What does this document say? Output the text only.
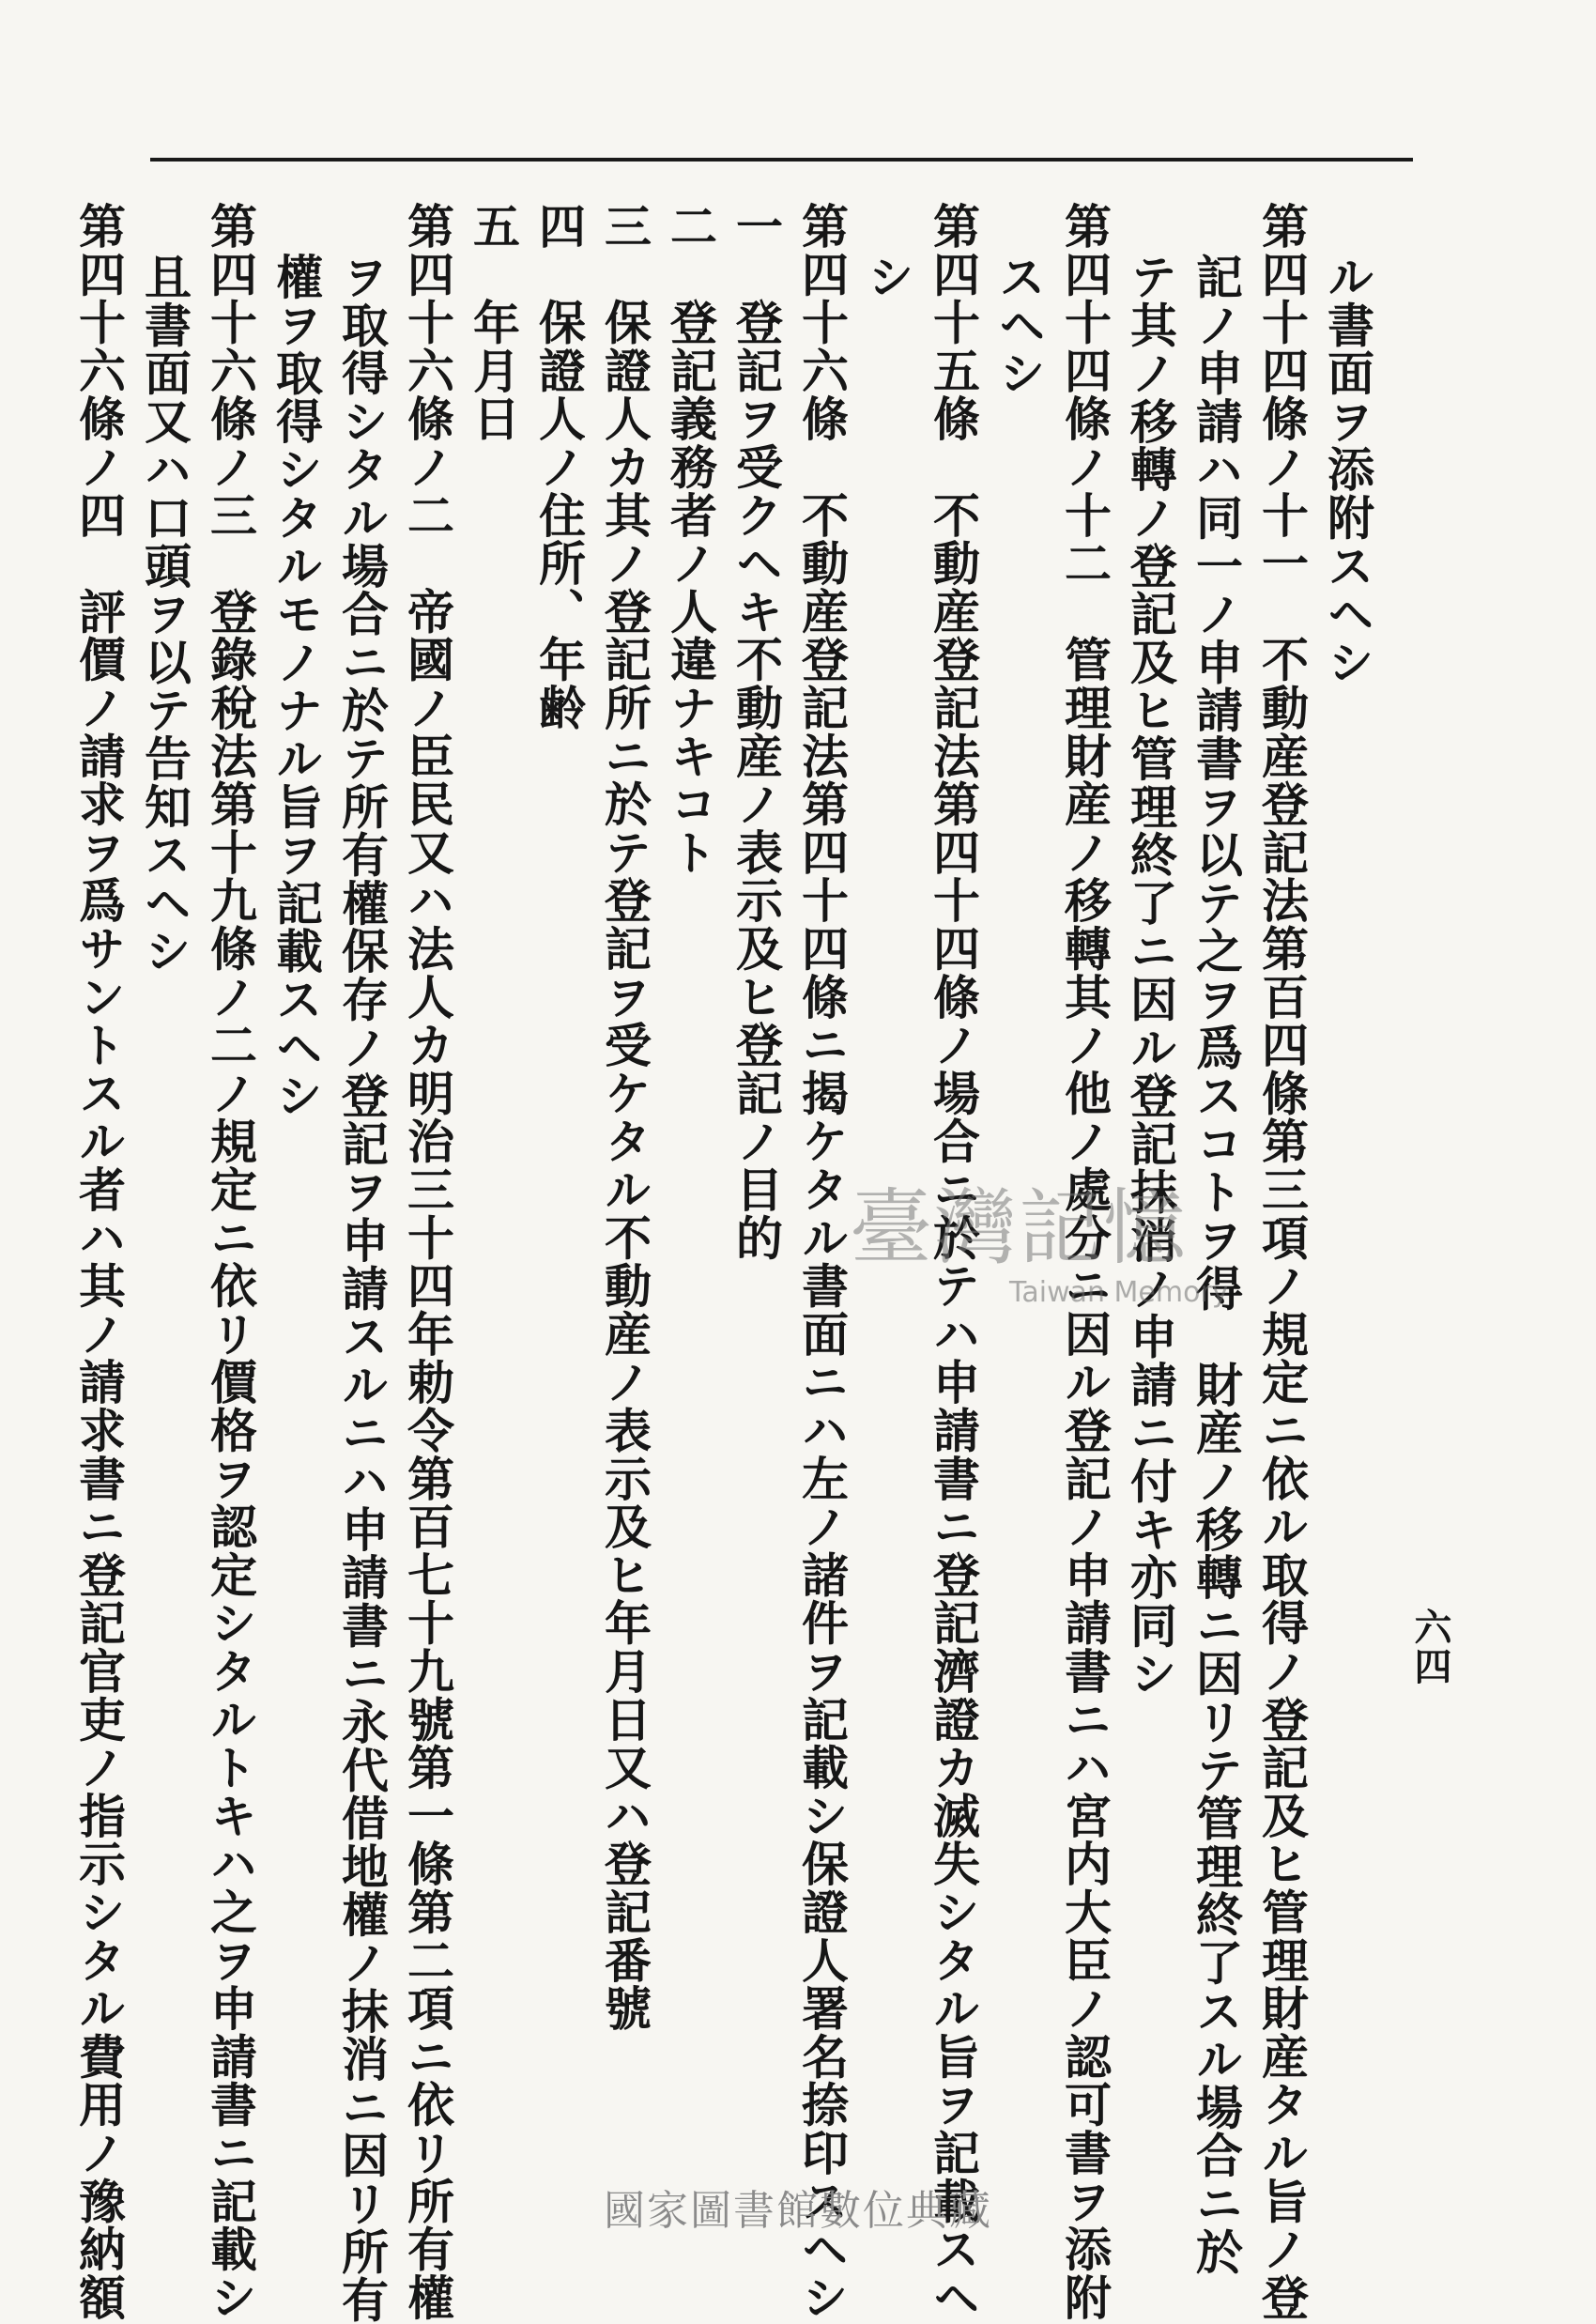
六四
ル書面ヲ添附スヘシ
第四十四條ノ十一　不動産登記法第百四條第三項ノ規定ニ依ル取得ノ登記及ヒ管理財産タル旨ノ登
記ノ申請ハ同一ノ申請書ヲ以テ之ヲ爲スコトヲ得　財産ノ移轉ニ因リテ管理終了スル場合ニ於
テ其ノ移轉ノ登記及ヒ管理終了ニ因ル登記抹消ノ申請ニ付キ亦同シ
第四十四條ノ十二　管理財産ノ移轉其ノ他ノ處分ニ因ル登記ノ申請書ニハ宮内大臣ノ認可書ヲ添附
スヘシ
第四十五條　不動産登記法第四十四條ノ場合ニ於テハ申請書ニ登記濟證カ滅失シタル旨ヲ記載スヘ
シ
第四十六條　不動産登記法第四十四條ニ揭ケタル書面ニハ左ノ諸件ヲ記載シ保證人署名捺印スヘシ
一　登記ヲ受クヘキ不動産ノ表示及ヒ登記ノ目的
二　登記義務者ノ人違ナキコト
三　保證人カ其ノ登記所ニ於テ登記ヲ受ケタル不動産ノ表示及ヒ年月日又ハ登記番號
四　保證人ノ住所、年齢
五　年月日
第四十六條ノ二　帝國ノ臣民又ハ法人カ明治三十四年勅令第百七十九號第一條第二項ニ依リ所有權
ヲ取得シタル場合ニ於テ所有權保存ノ登記ヲ申請スルニハ申請書ニ永代借地權ノ抹消ニ因リ所有
權ヲ取得シタルモノナル旨ヲ記載スヘシ
第四十六條ノ三　登錄稅法第十九條ノ二ノ規定ニ依リ價格ヲ認定シタルトキハ之ヲ申請書ニ記載シ
且書面又ハ口頭ヲ以テ告知スヘシ
第四十六條ノ四　評價ノ請求ヲ爲サントスル者ハ其ノ請求書ニ登記官吏ノ指示シタル費用ノ豫納額	臺灣記憶
Taiwan Memory
國家圖書館數位典藏
